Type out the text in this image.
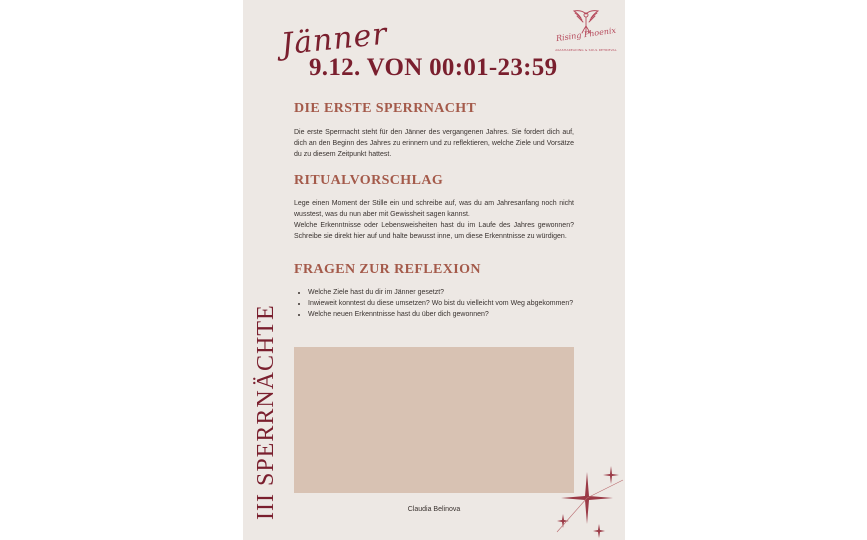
Jänner
9.12. VON 00:01-23:59
Rising Phoenix
AKASHAREADING & SOUL RETRIEVAL
DIE ERSTE SPERRNACHT

Die erste Sperrnacht steht für den Jänner des vergangenen Jahres. Sie fordert dich auf, dich an den Beginn des Jahres zu erinnern und zu reflektieren, welche Ziele und Vorsätze du zu diesem Zeitpunkt hattest.

RITUALVORSCHLAG

Lege einen Moment der Stille ein und schreibe auf, was du am Jahresanfang noch nicht wusstest, was du nun aber mit Gewissheit sagen kannst.

Welche Erkenntnisse oder Lebensweisheiten hast du im Laufe des Jahres gewonnen? Schreibe sie direkt hier auf und halte bewusst inne, um diese Erkenntnisse zu würdigen.

FRAGEN ZUR REFLEXION
• Welche Ziele hast du dir im Jänner gesetzt?
• Inwieweit konntest du diese umsetzen? Wo bist du vielleicht vom Weg abgekommen?
• Welche neuen Erkenntnisse hast du über dich gewonnen?
III SPERRNÄCHTE	Claudia Belinova
